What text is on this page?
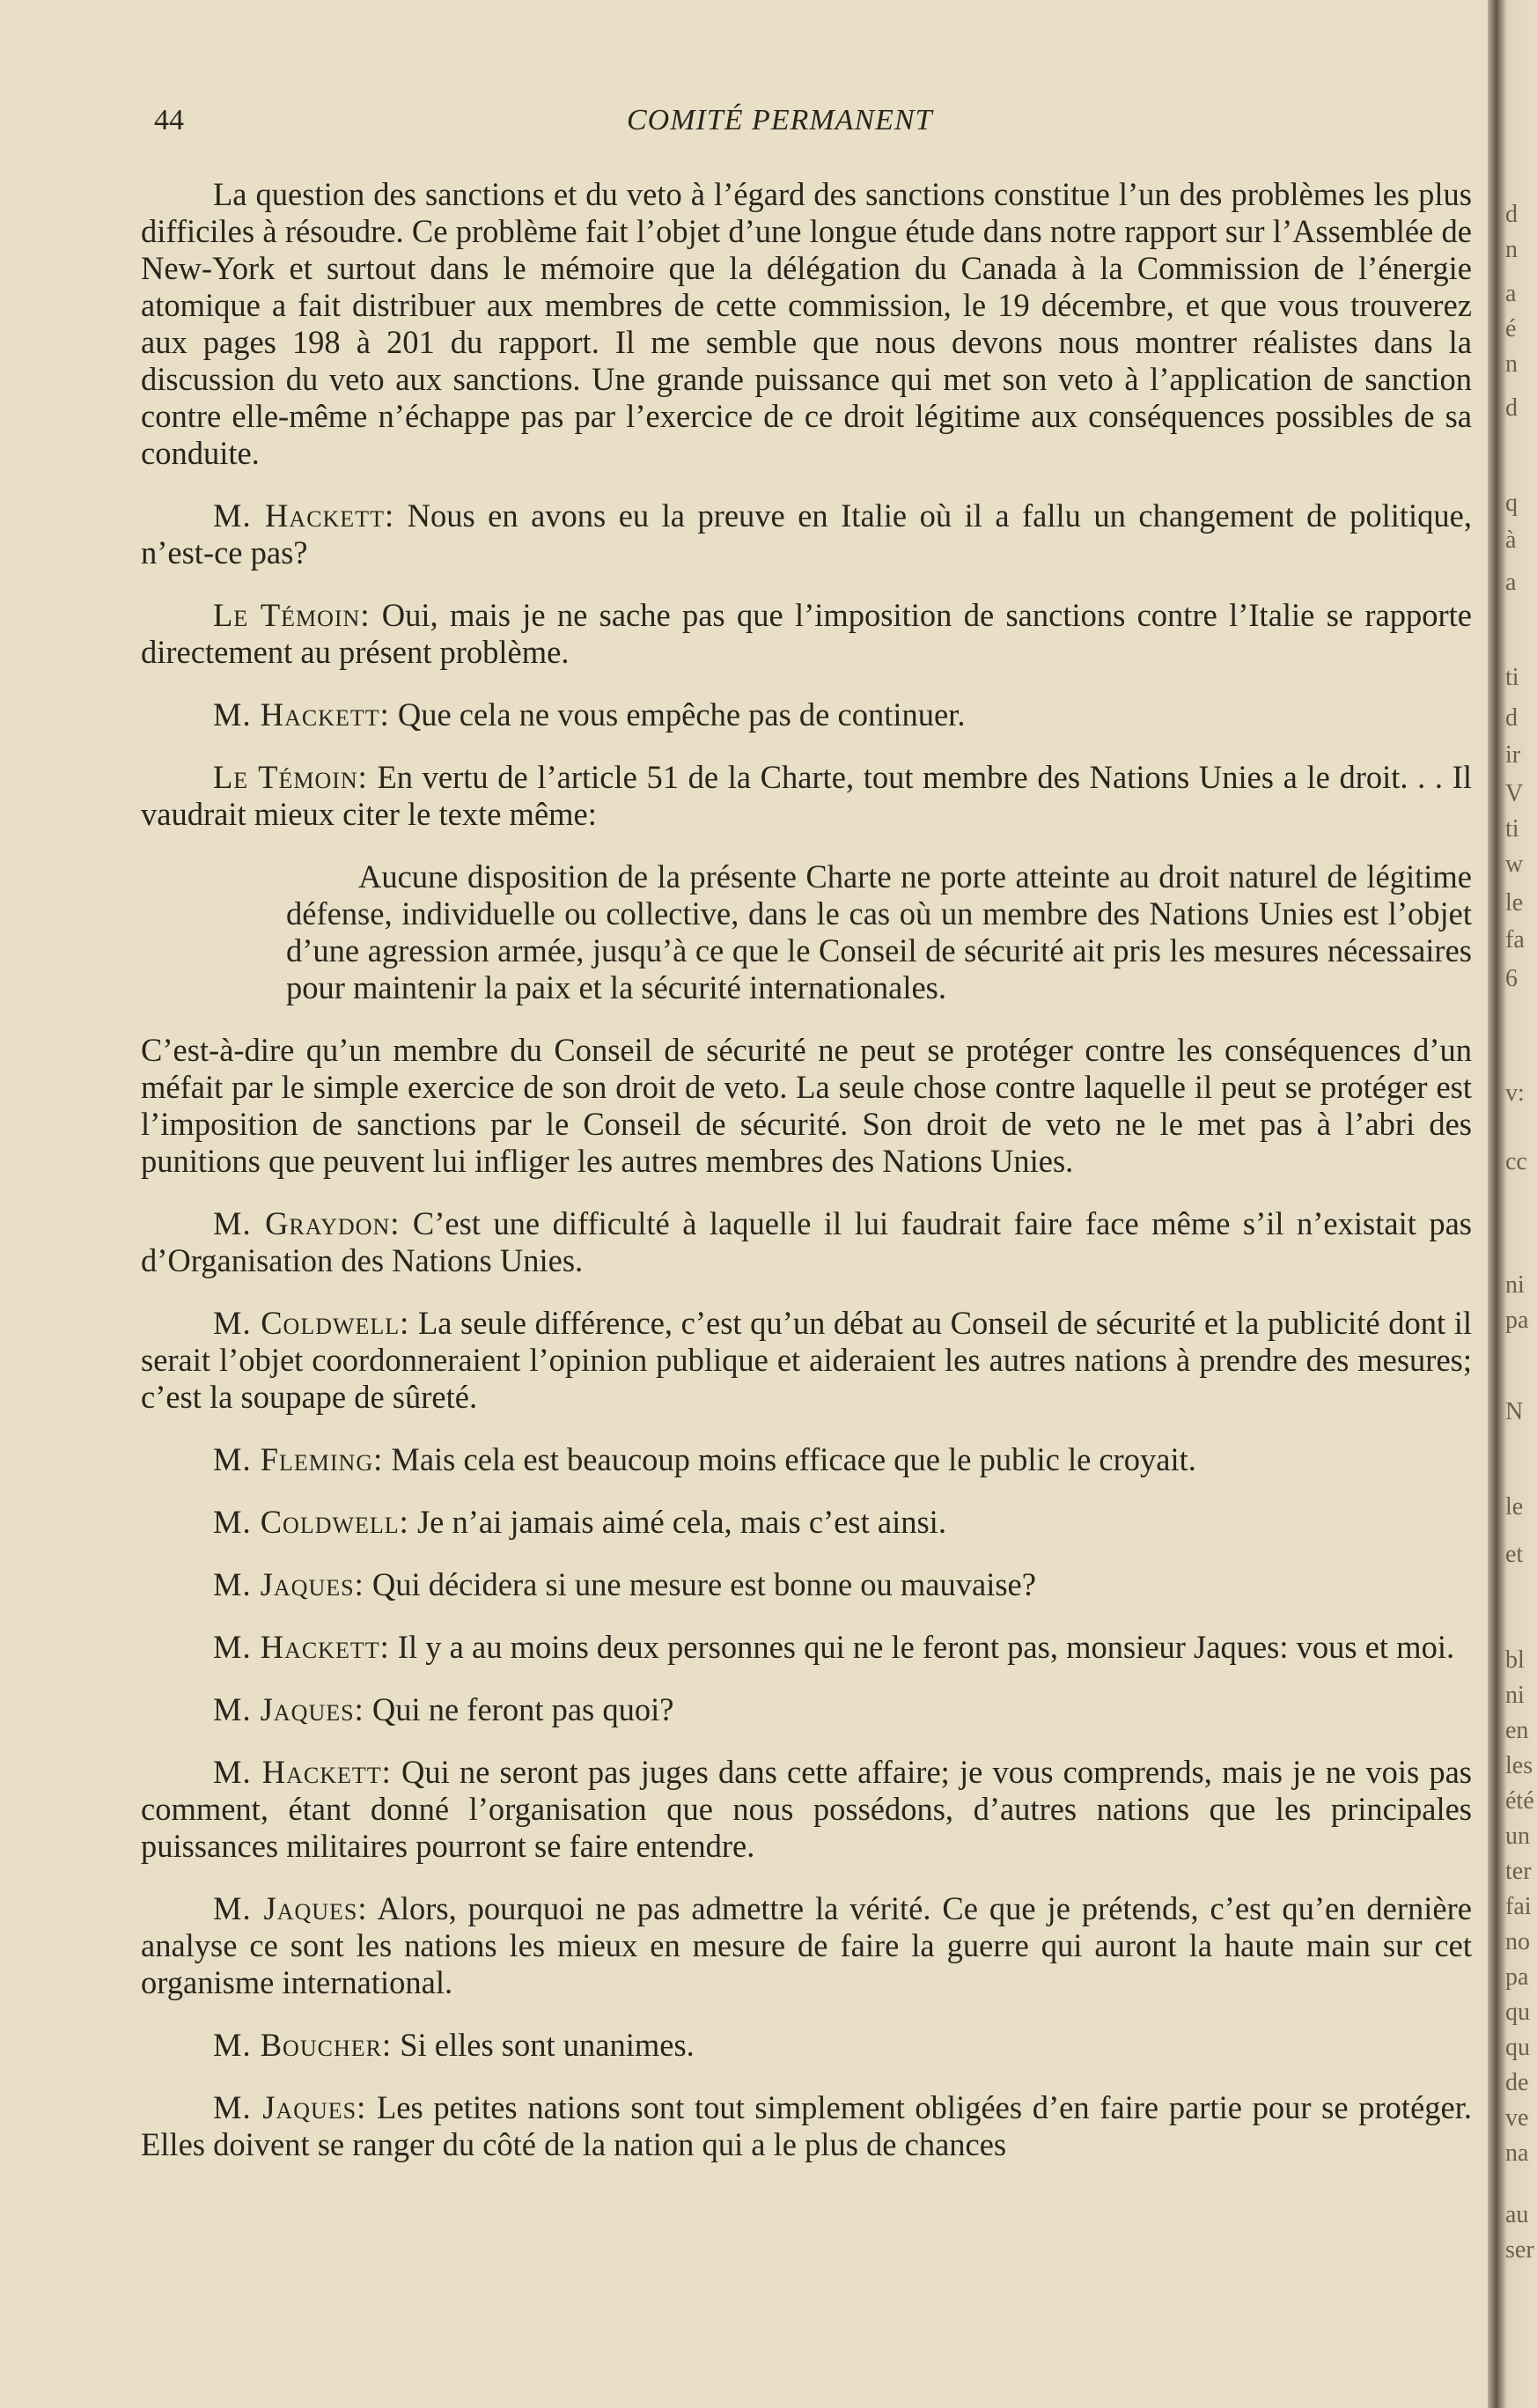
44	COMITÉ PERMANENT

La question des sanctions et du veto à l’égard des sanctions constitue l’un des problèmes les plus difficiles à résoudre. Ce problème fait l’objet d’une longue étude dans notre rapport sur l’Assemblée de New-York et surtout dans le mémoire que la délégation du Canada à la Commission de l’énergie atomique a fait distribuer aux membres de cette commission, le 19 décembre, et que vous trouverez aux pages 198 à 201 du rapport. Il me semble que nous devons nous montrer réalistes dans la discussion du veto aux sanctions. Une grande puissance qui met son veto à l’application de sanction contre elle-même n’échappe pas par l’exercice de ce droit légitime aux conséquences possibles de sa conduite.

M. Hackett: Nous en avons eu la preuve en Italie où il a fallu un changement de politique, n’est-ce pas?

Le Témoin: Oui, mais je ne sache pas que l’imposition de sanctions contre l’Italie se rapporte directement au présent problème.

M. Hackett: Que cela ne vous empêche pas de continuer.

Le Témoin: En vertu de l’article 51 de la Charte, tout membre des Nations Unies a le droit. . . Il vaudrait mieux citer le texte même:

Aucune disposition de la présente Charte ne porte atteinte au droit naturel de légitime défense, individuelle ou collective, dans le cas où un membre des Nations Unies est l’objet d’une agression armée, jusqu’à ce que le Conseil de sécurité ait pris les mesures nécessaires pour maintenir la paix et la sécurité internationales.

C’est-à-dire qu’un membre du Conseil de sécurité ne peut se protéger contre les conséquences d’un méfait par le simple exercice de son droit de veto. La seule chose contre laquelle il peut se protéger est l’imposition de sanctions par le Conseil de sécurité. Son droit de veto ne le met pas à l’abri des punitions que peuvent lui infliger les autres membres des Nations Unies.

M. Graydon: C’est une difficulté à laquelle il lui faudrait faire face même s’il n’existait pas d’Organisation des Nations Unies.

M. Coldwell: La seule différence, c’est qu’un débat au Conseil de sécurité et la publicité dont il serait l’objet coordonneraient l’opinion publique et aideraient les autres nations à prendre des mesures; c’est la soupape de sûreté.

M. Fleming: Mais cela est beaucoup moins efficace que le public le croyait.

M. Coldwell: Je n’ai jamais aimé cela, mais c’est ainsi.

M. Jaques: Qui décidera si une mesure est bonne ou mauvaise?

M. Hackett: Il y a au moins deux personnes qui ne le feront pas, monsieur Jaques: vous et moi.

M. Jaques: Qui ne feront pas quoi?

M. Hackett: Qui ne seront pas juges dans cette affaire; je vous comprends, mais je ne vois pas comment, étant donné l’organisation que nous possédons, d’autres nations que les principales puissances militaires pourront se faire entendre.

M. Jaques: Alors, pourquoi ne pas admettre la vérité. Ce que je prétends, c’est qu’en dernière analyse ce sont les nations les mieux en mesure de faire la guerre qui auront la haute main sur cet organisme international.

M. Boucher: Si elles sont unanimes.

M. Jaques: Les petites nations sont tout simplement obligées d’en faire partie pour se protéger. Elles doivent se ranger du côté de la nation qui a le plus de chances

d
n
a
é
n
d
q
à
a
ti
d
ir
V
ti
w
le
fa
6
v:
cc
ni
pa
N
le
et
bl
ni
en
les
été
un
ter
fai
no
pa
qu
qu
de
ve
na
au
ser
